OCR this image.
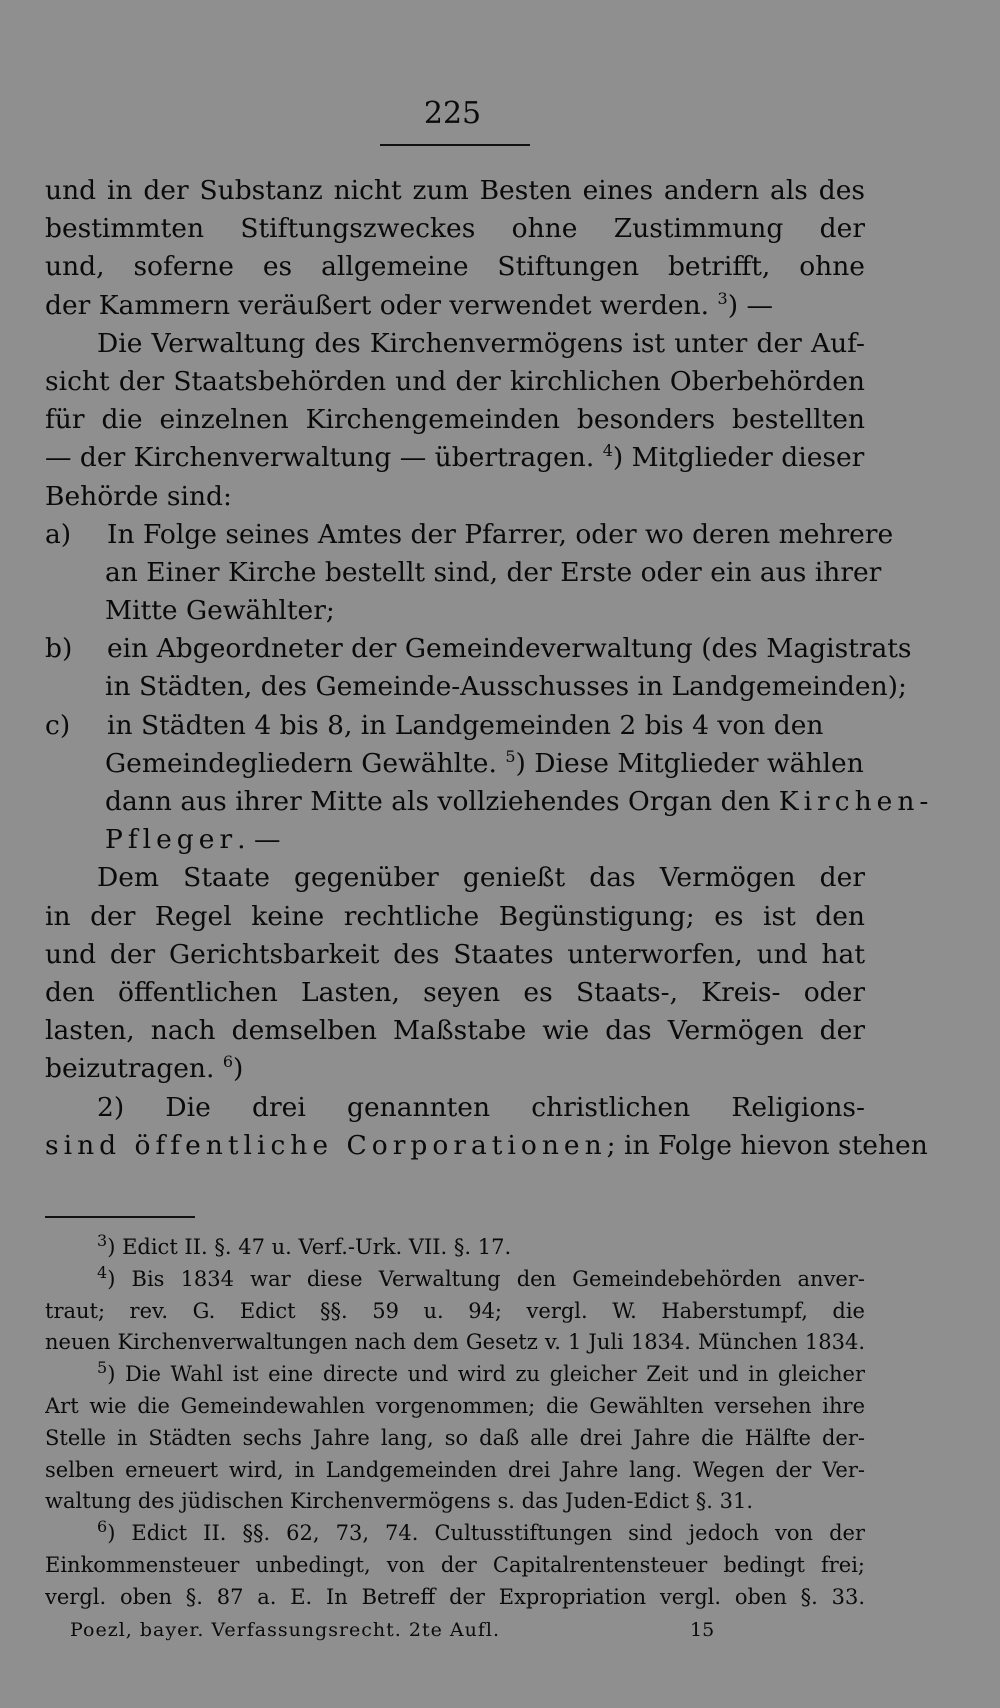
225
und in der Substanz nicht zum Besten eines andern als des
bestimmten Stiftungszweckes ohne Zustimmung der
und, soferne es allgemeine Stiftungen betrifft, ohne
der Kammern veräußert oder verwendet werden. $^3$) —
Die Verwaltung des Kirchenvermögens ist unter der Auf-
sicht der Staatsbehörden und der kirchlichen Oberbehörden
für die einzelnen Kirchengemeinden besonders bestellten
— der Kirchenverwaltung — übertragen. $^4$) Mitglieder dieser
Behörde sind:
a) In Folge seines Amtes der Pfarrer, oder wo deren mehrere
an Einer Kirche bestellt sind, der Erste oder ein aus ihrer
Mitte Gewählter;
b) ein Abgeordneter der Gemeindeverwaltung (des Magistrats
in Städten, des Gemeinde-Ausschusses in Landgemeinden);
c) in Städten 4 bis 8, in Landgemeinden 2 bis 4 von den
Gemeindegliedern Gewählte. $^5$) Diese Mitglieder wählen
dann aus ihrer Mitte als vollziehendes Organ den Kirchen-
Pfleger. —
Dem Staate gegenüber genießt das Vermögen der
in der Regel keine rechtliche Begünstigung; es ist den
und der Gerichtsbarkeit des Staates unterworfen, und hat
den öffentlichen Lasten, seyen es Staats-, Kreis- oder
lasten, nach demselben Maßstabe wie das Vermögen der
beizutragen. $^6$)
2) Die drei genannten christlichen Religions-
sind öffentliche Corporationen; in Folge hievon stehen
$^3$) Edict II. §. 47 u. Verf.-Urk. VII. §. 17.
$^4$) Bis 1834 war diese Verwaltung den Gemeindebehörden anver-
traut; rev. G. Edict §§. 59 u. 94; vergl. W. Haberstumpf, die
neuen Kirchenverwaltungen nach dem Gesetz v. 1 Juli 1834. München 1834.
$^5$) Die Wahl ist eine directe und wird zu gleicher Zeit und in gleicher
Art wie die Gemeindewahlen vorgenommen; die Gewählten versehen ihre
Stelle in Städten sechs Jahre lang, so daß alle drei Jahre die Hälfte der-
selben erneuert wird, in Landgemeinden drei Jahre lang. Wegen der Ver-
waltung des jüdischen Kirchenvermögens s. das Juden-Edict §. 31.
$^6$) Edict II. §§. 62, 73, 74. Cultusstiftungen sind jedoch von der
Einkommensteuer unbedingt, von der Capitalrentensteuer bedingt frei;
vergl. oben §. 87 a. E. In Betreff der Expropriation vergl. oben §. 33.
Poezl, bayer. Verfassungsrecht. 2te Aufl.	15
